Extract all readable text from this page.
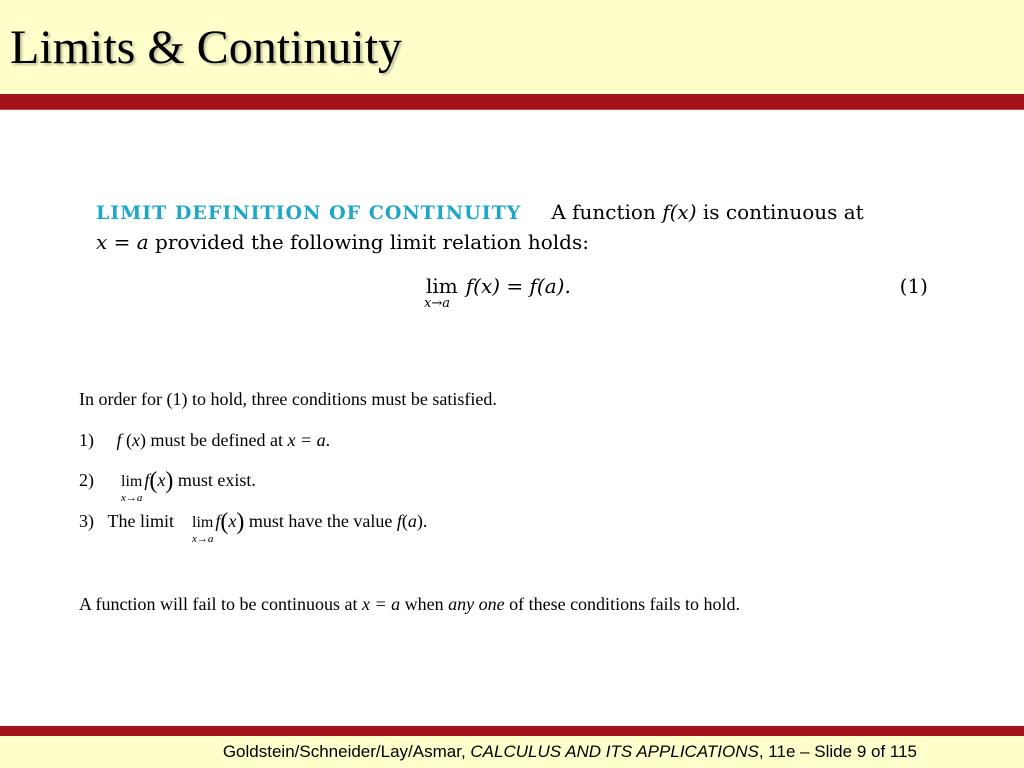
Limits & Continuity
LIMIT DEFINITION OF CONTINUITY A function f(x) is continuous at
x = a provided the following limit relation holds:
lim
x→a
f(x) = f(a).	(1)
In order for (1) to hold, three conditions must be satisfied.
1) f (x) must be defined at x = a.
2) lim
x→a
f(x) must exist.
3) The limit lim
x→a
f(x) must have the value f(a).
A function will fail to be continuous at x = a when any one of these conditions fails to hold.
Goldstein/Schneider/Lay/Asmar, CALCULUS AND ITS APPLICATIONS, 11e – Slide 9 of 115
